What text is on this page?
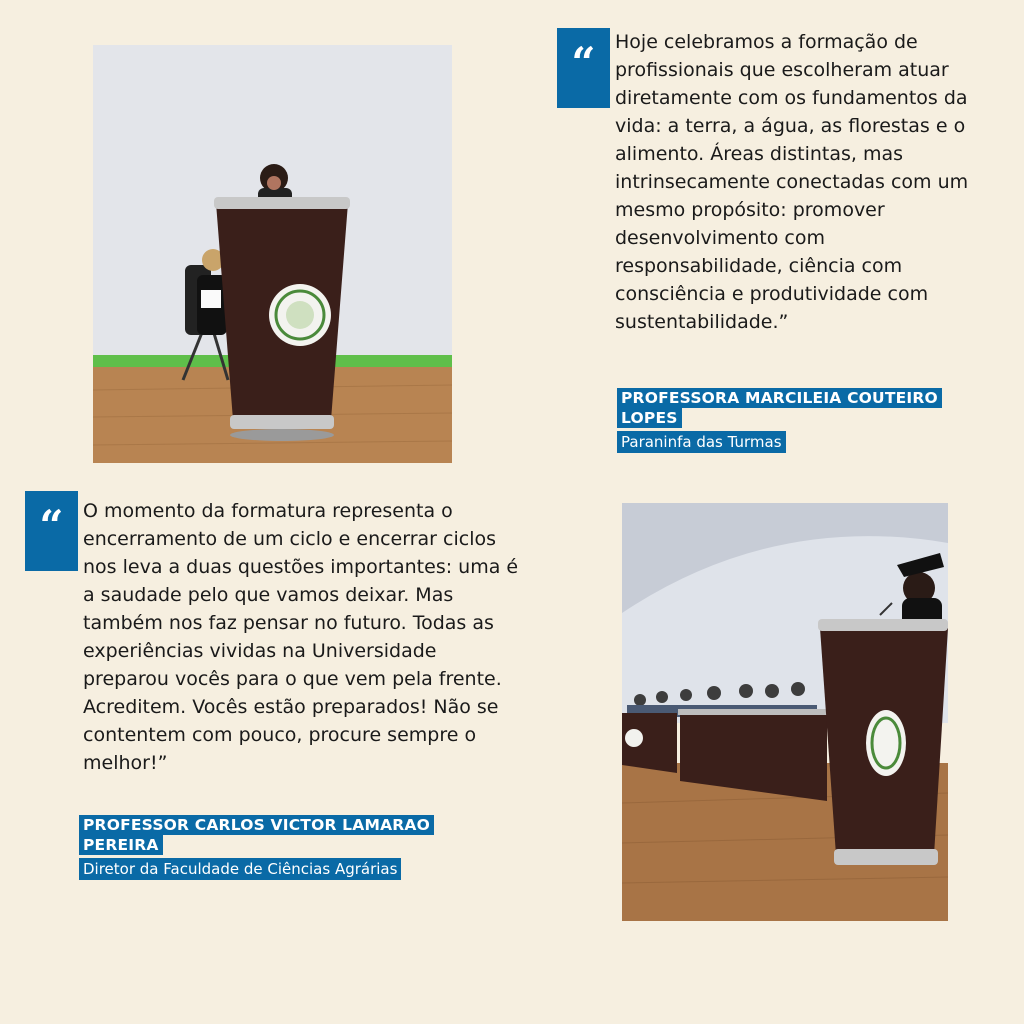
“	Hoje celebramos a formação de profissionais que escolheram atuar diretamente com os fundamentos da vida: a terra, a água, as florestas e o alimento. Áreas distintas, mas intrinsecamente conectadas com um mesmo propósito: promover desenvolvimento com responsabilidade, ciência com consciência e produtividade com sustentabilidade.”

PROFESSORA MARCILEIA COUTEIRO LOPES
Paraninfa das Turmas
“	O momento da formatura representa o encerramento de um ciclo e encerrar ciclos nos leva a duas questões importantes: uma é a saudade pelo que vamos deixar. Mas também nos faz pensar no futuro. Todas as experiências vividas na Universidade preparou vocês para o que vem pela frente. Acreditem. Vocês estão preparados! Não se contentem com pouco, procure sempre o melhor!”

PROFESSOR CARLOS VICTOR LAMARAO PEREIRA
Diretor da Faculdade de Ciências Agrárias
